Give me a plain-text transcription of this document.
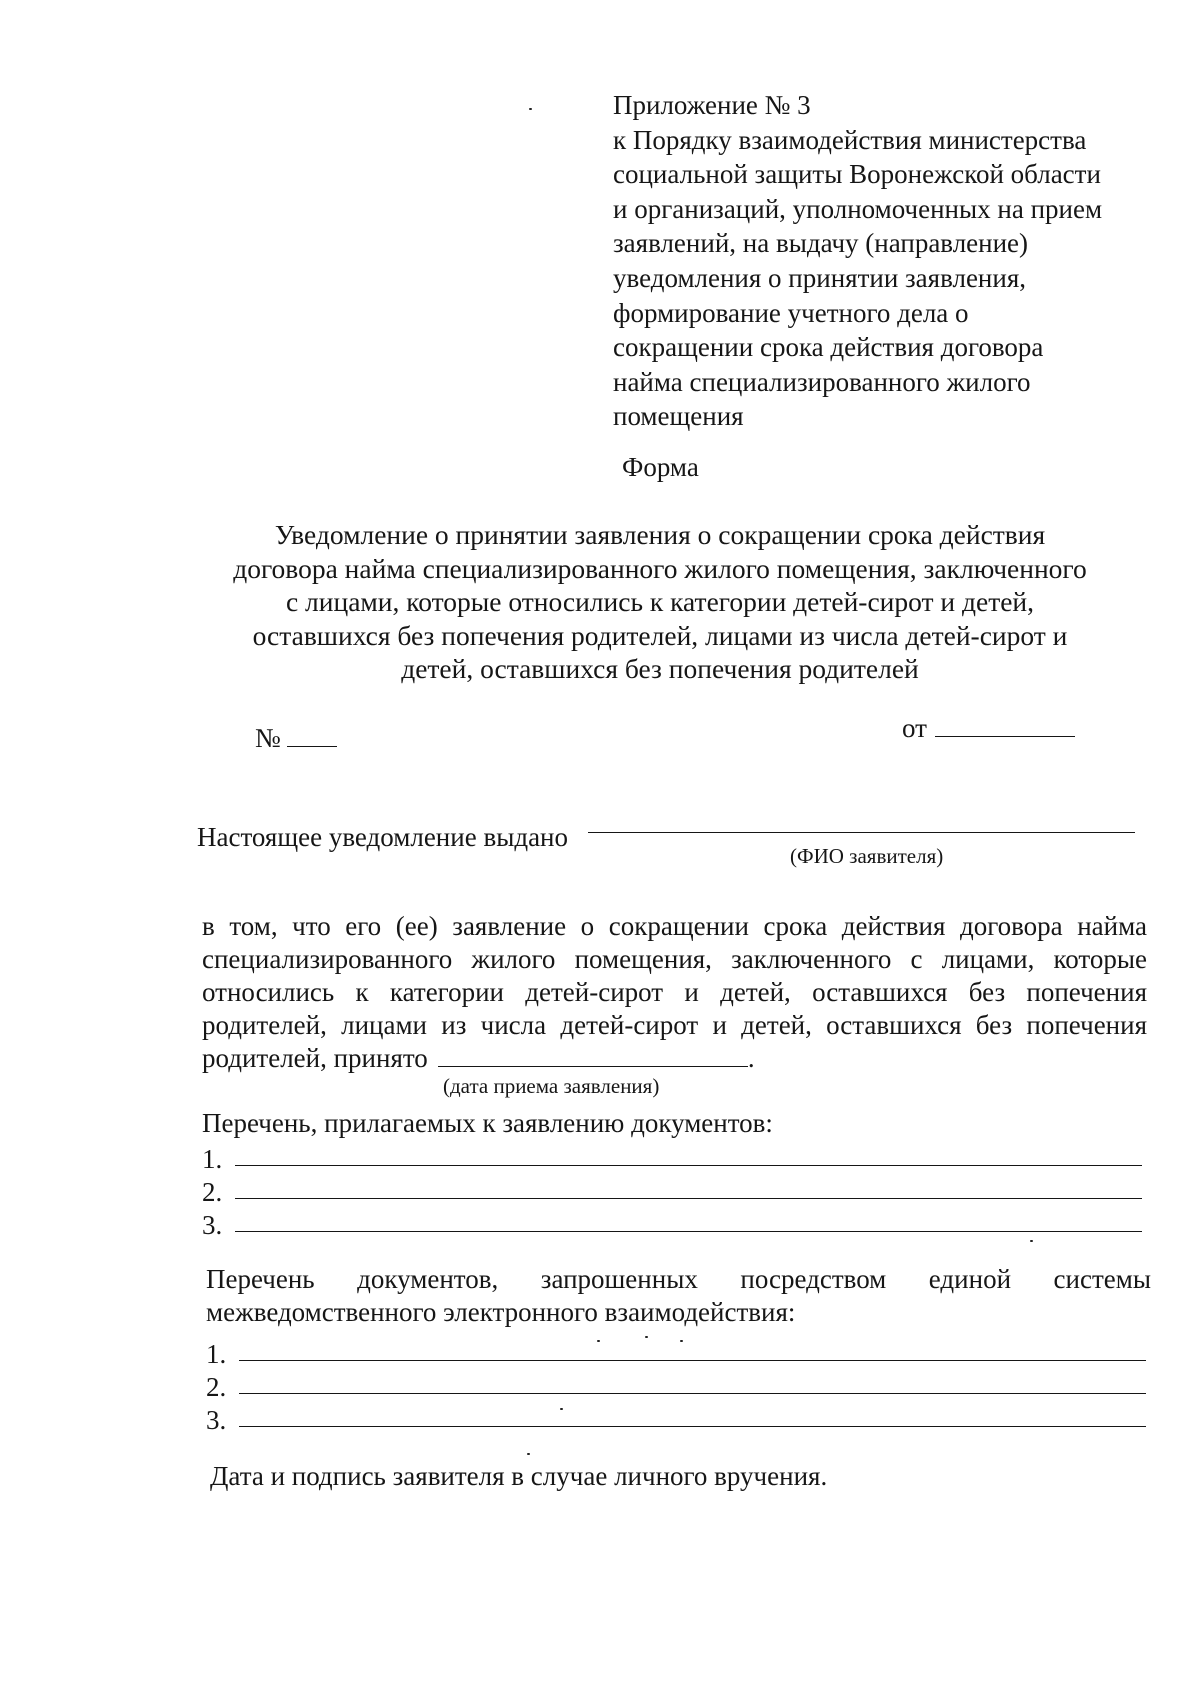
Приложение № 3
к Порядку взаимодействия министерства
социальной защиты Воронежской области
и организаций, уполномоченных на прием
заявлений, на выдачу (направление)
уведомления о принятии заявления,
формирование учетного дела о
сокращении срока действия договора
найма специализированного жилого
помещения
Форма
Уведомление о принятии заявления о сокращении срока действия
договора найма специализированного жилого помещения, заключенного
с лицами, которые относились к категории детей-сирот и детей,
оставшихся без попечения родителей, лицами из числа детей-сирот и
детей, оставшихся без попечения родителей
№	от
Настоящее уведомление выдано
(ФИО заявителя)
в том, что его (ее) заявление о сокращении срока действия договора найма
специализированного жилого помещения, заключенного с лицами, которые
относились к категории детей-сирот и детей, оставшихся без попечения
родителей, лицами из числа детей-сирот и детей, оставшихся без попечения
родителей, принято	.
(дата приема заявления)
Перечень, прилагаемых к заявлению документов:
1.
2.
3.
Перечень документов, запрошенных посредством единой системы
межведомственного электронного взаимодействия:
1.
2.
3.
Дата и подпись заявителя в случае личного вручения.
